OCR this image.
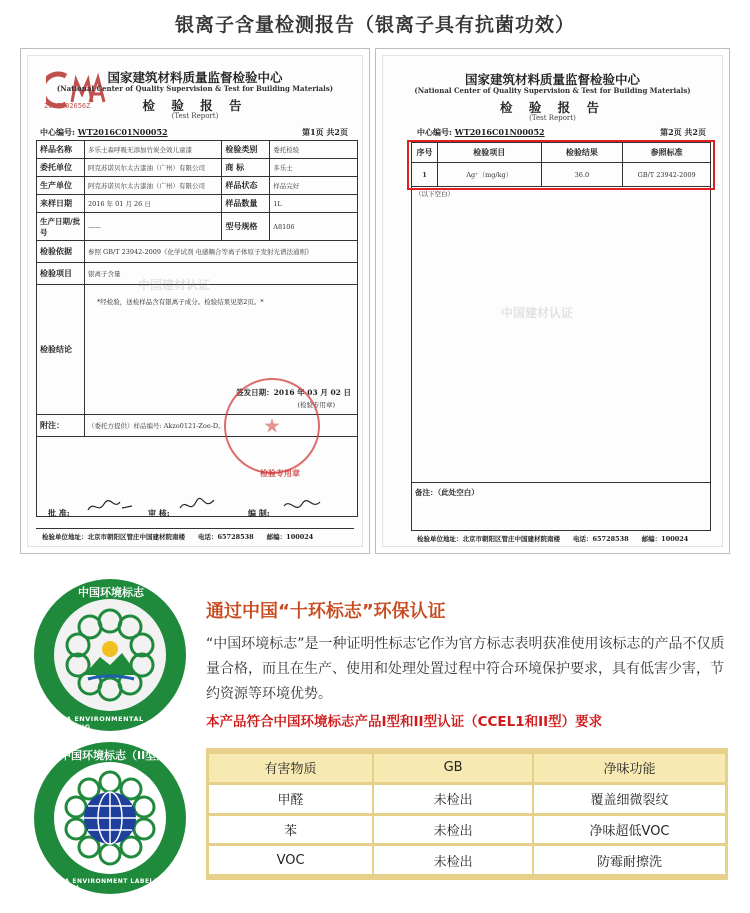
银离子含量检测报告（银离子具有抗菌功效）
2015002656Z
国家建筑材料质量监督检验中心
(National Center of Quality Supervision & Test for Building Materials)
检 验 报 告
(Test Report)
中心编号: WT2016C01N00052	第1页 共2页
样品名称	多乐士森呼吸无添加竹炭全效儿童漆	检验类别	委托检验
委托单位	阿克苏诺贝尔太古漆油（广州）有限公司	商 标	多乐士
生产单位	阿克苏诺贝尔太古漆油（广州）有限公司	样品状态	样品完好
来样日期	2016 年 01 月 26 日	样品数量	1L
生产日期/批号	——	型号规格	A8106
检验依据	参照 GB/T 23942-2009《化学试剂 电感耦合等离子体原子发射光谱法通则》		
检验项目	银离子含量		
检验结论	*经检验，送检样品含有银离子成分。检验结果见第2页。*
签发日期：2016 年 03 月 02 日
(检验专用章)		

附注：	（委托方提供）样品编号: Akzo0121-Zoe-D。		

检验专用章
中国建材认证
批 准:	审 核:	编 制:
检验单位地址：北京市朝阳区管庄中国建材院南楼　　电话：65728538　　邮编：100024
国家建筑材料质量监督检验中心
(National Center of Quality Supervision & Test for Building Materials)
检 验 报 告
(Test Report)
中心编号: WT2016C01N00052	第2页 共2页
序号	检验项目	检验结果	参照标准
1	Ag⁺（mg/kg）	36.0	GB/T 23942-2009
（以下空白）			
备注：（此处空白）			
中国建材认证
检验单位地址：北京市朝阳区管庄中国建材院南楼　　电话：65728538　　邮编：100024
中国环境标志
CHINA ENVIRONMENTAL LABELLING
中国环境标志（II型）
CHINA ENVIRONMENT LABELLING (TYPE II)
通过中国“十环标志”环保认证
“中国环境标志”是一种证明性标志它作为官方标志表明获准使用该标志的产品不仅质量合格，而且在生产、使用和处理处置过程中符合环境保护要求，具有低害少害，节约资源等环境优势。
本产品符合中国环境标志产品I型和II型认证（CCEL1和II型）要求
有害物质	GB	净味功能
甲醛	未检出	覆盖细微裂纹
苯	未检出	净味超低VOC
VOC	未检出	防霉耐擦洗
